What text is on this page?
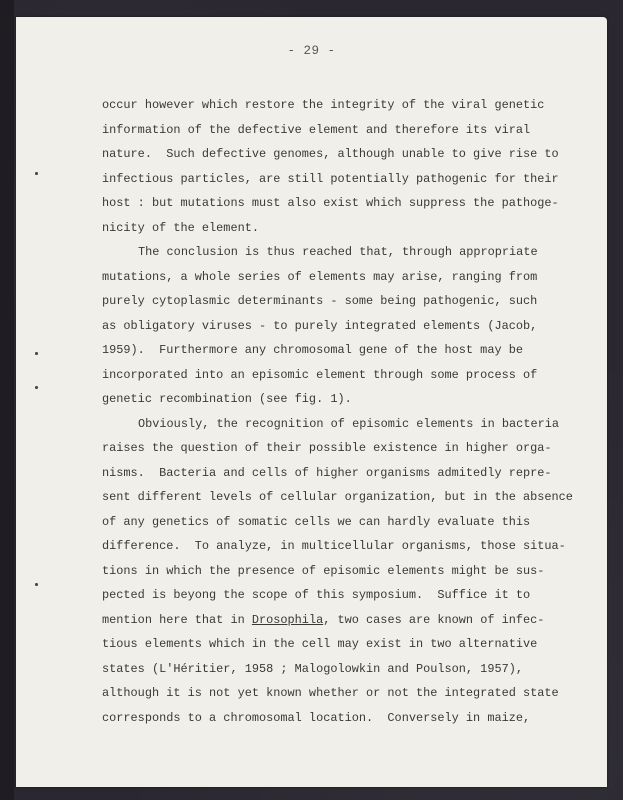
- 29 -
occur however which restore the integrity of the viral genetic
information of the defective element and therefore its viral
nature.  Such defective genomes, although unable to give rise to
infectious particles, are still potentially pathogenic for their
host : but mutations must also exist which suppress the pathoge-
nicity of the element.
The conclusion is thus reached that, through appropriate
mutations, a whole series of elements may arise, ranging from
purely cytoplasmic determinants - some being pathogenic, such
as obligatory viruses - to purely integrated elements (Jacob,
1959).  Furthermore any chromosomal gene of the host may be
incorporated into an episomic element through some process of
genetic recombination (see fig. 1).
Obviously, the recognition of episomic elements in bacteria
raises the question of their possible existence in higher orga-
nisms.  Bacteria and cells of higher organisms admitedly repre-
sent different levels of cellular organization, but in the absence
of any genetics of somatic cells we can hardly evaluate this
difference.  To analyze, in multicellular organisms, those situa-
tions in which the presence of episomic elements might be sus-
pected is beyong the scope of this symposium.  Suffice it to
mention here that in Drosophila, two cases are known of infec-
tious elements which in the cell may exist in two alternative
states (L'Héritier, 1958 ; Malogolowkin and Poulson, 1957),
although it is not yet known whether or not the integrated state
corresponds to a chromosomal location.  Conversely in maize,
